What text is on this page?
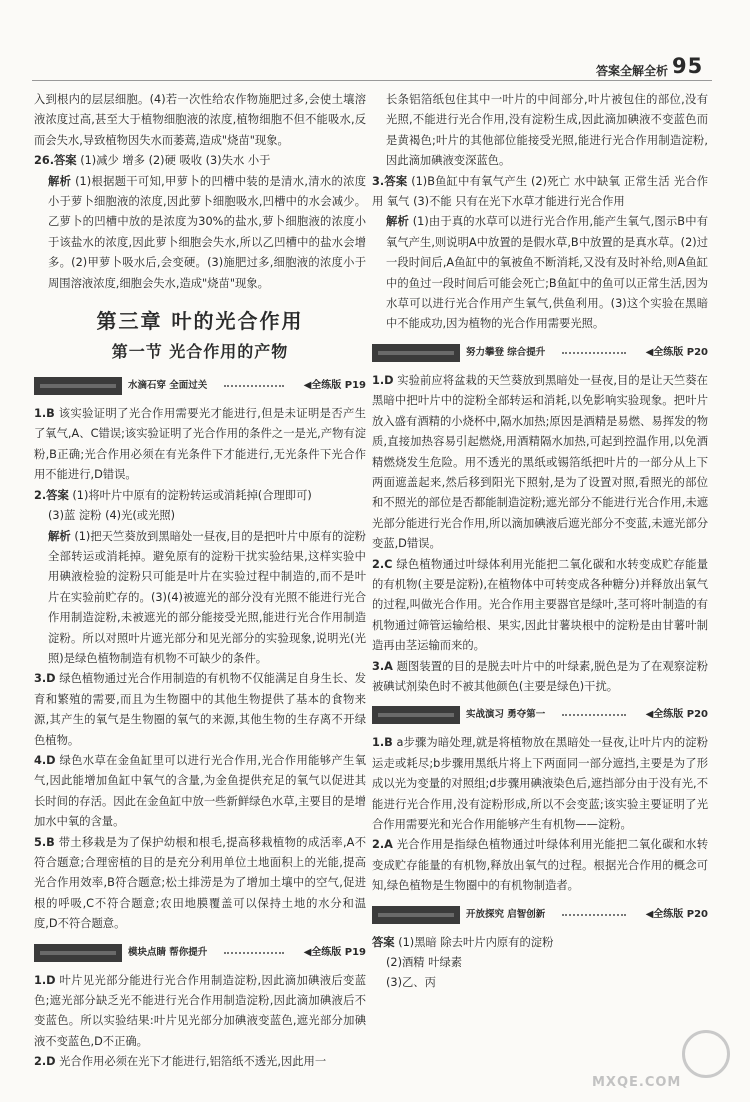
答案全解全析 95

入到根内的层层细胞。(4)若一次性给农作物施肥过多,会使土壤溶液浓度过高,甚至大于植物细胞液的浓度,植物细胞不但不能吸水,反而会失水,导致植物因失水而萎蔫,造成"烧苗"现象。

26.答案 (1)减少 增多 (2)硬 吸收 (3)失水 小于

解析 (1)根据题干可知,甲萝卜的凹槽中装的是清水,清水的浓度小于萝卜细胞液的浓度,因此萝卜细胞吸水,凹槽中的水会减少。乙萝卜的凹槽中放的是浓度为30%的盐水,萝卜细胞液的浓度小于该盐水的浓度,因此萝卜细胞会失水,所以乙凹槽中的盐水会增多。(2)甲萝卜吸水后,会变硬。(3)施肥过多,细胞液的浓度小于周围溶液浓度,细胞会失水,造成"烧苗"现象。

第三章 叶的光合作用
第一节 光合作用的产物
水滴石穿 全面过关	◀全练版 P19

1.B 该实验证明了光合作用需要光才能进行,但是未证明是否产生了氧气,A、C错误;该实验证明了光合作用的条件之一是光,产物有淀粉,B正确;光合作用必须在有光条件下才能进行,无光条件下光合作用不能进行,D错误。

2.答案 (1)将叶片中原有的淀粉转运或消耗掉(合理即可)

(3)蓝 淀粉 (4)光(或光照)

解析 (1)把天竺葵放到黑暗处一昼夜,目的是把叶片中原有的淀粉全部转运或消耗掉。避免原有的淀粉干扰实验结果,这样实验中用碘液检验的淀粉只可能是叶片在实验过程中制造的,而不是叶片在实验前贮存的。(3)(4)被遮光的部分没有光照不能进行光合作用制造淀粉,未被遮光的部分能接受光照,能进行光合作用制造淀粉。所以对照叶片遮光部分和见光部分的实验现象,说明光(光照)是绿色植物制造有机物不可缺少的条件。

3.D 绿色植物通过光合作用制造的有机物不仅能满足自身生长、发育和繁殖的需要,而且为生物圈中的其他生物提供了基本的食物来源,其产生的氧气是生物圈的氧气的来源,其他生物的生存离不开绿色植物。

4.D 绿色水草在金鱼缸里可以进行光合作用,光合作用能够产生氧气,因此能增加鱼缸中氧气的含量,为金鱼提供充足的氧气以促进其长时间的存活。因此在金鱼缸中放一些新鲜绿色水草,主要目的是增加水中氧的含量。

5.B 带土移栽是为了保护幼根和根毛,提高移栽植物的成活率,A不符合题意;合理密植的目的是充分利用单位土地面积上的光能,提高光合作用效率,B符合题意;松土排涝是为了增加土壤中的空气,促进根的呼吸,C不符合题意;农田地膜覆盖可以保持土地的水分和温度,D不符合题意。

模块点睛 帮你提升	◀全练版 P19

1.D 叶片见光部分能进行光合作用制造淀粉,因此滴加碘液后变蓝色;遮光部分缺乏光不能进行光合作用制造淀粉,因此滴加碘液后不变蓝色。所以实验结果:叶片见光部分加碘液变蓝色,遮光部分加碘液不变蓝色,D不正确。

2.D 光合作用必须在光下才能进行,铝箔纸不透光,因此用一

长条铝箔纸包住其中一叶片的中间部分,叶片被包住的部位,没有光照,不能进行光合作用,没有淀粉生成,因此滴加碘液不变蓝色而是黄褐色;叶片的其他部位能接受光照,能进行光合作用制造淀粉,因此滴加碘液变深蓝色。

3.答案 (1)B鱼缸中有氧气产生 (2)死亡 水中缺氧 正常生活 光合作用 氧气 (3)不能 只有在光下水草才能进行光合作用

解析 (1)由于真的水草可以进行光合作用,能产生氧气,图示B中有氧气产生,则说明A中放置的是假水草,B中放置的是真水草。(2)过一段时间后,A鱼缸中的氧被鱼不断消耗,又没有及时补给,则A鱼缸中的鱼过一段时间后可能会死亡;B鱼缸中的鱼可以正常生活,因为水草可以进行光合作用产生氧气,供鱼利用。(3)这个实验在黑暗中不能成功,因为植物的光合作用需要光照。

努力攀登 综合提升	◀全练版 P20

1.D 实验前应将盆栽的天竺葵放到黑暗处一昼夜,目的是让天竺葵在黑暗中把叶片中的淀粉全部转运和消耗,以免影响实验现象。把叶片放入盛有酒精的小烧杯中,隔水加热;原因是酒精是易燃、易挥发的物质,直接加热容易引起燃烧,用酒精隔水加热,可起到控温作用,以免酒精燃烧发生危险。用不透光的黑纸或锡箔纸把叶片的一部分从上下两面遮盖起来,然后移到阳光下照射,是为了设置对照,看照光的部位和不照光的部位是否都能制造淀粉;遮光部分不能进行光合作用,未遮光部分能进行光合作用,所以滴加碘液后遮光部分不变蓝,未遮光部分变蓝,D错误。

2.C 绿色植物通过叶绿体利用光能把二氧化碳和水转变成贮存能量的有机物(主要是淀粉),在植物体中可转变成各种糖分)并释放出氧气的过程,叫做光合作用。光合作用主要器官是绿叶,茎可将叶制造的有机物通过筛管运输给根、果实,因此甘薯块根中的淀粉是由甘薯叶制造再由茎运输而来的。

3.A 题图装置的目的是脱去叶片中的叶绿素,脱色是为了在观察淀粉被碘试剂染色时不被其他颜色(主要是绿色)干扰。

实战演习 勇夺第一	◀全练版 P20

1.B a步骤为暗处理,就是将植物放在黑暗处一昼夜,让叶片内的淀粉运走或耗尽;b步骤用黑纸片将上下两面同一部分遮挡,主要是为了形成以光为变量的对照组;d步骤用碘液染色后,遮挡部分由于没有光,不能进行光合作用,没有淀粉形成,所以不会变蓝;该实验主要证明了光合作用需要光和光合作用能够产生有机物——淀粉。

2.A 光合作用是指绿色植物通过叶绿体利用光能把二氧化碳和水转变成贮存能量的有机物,释放出氧气的过程。根据光合作用的概念可知,绿色植物是生物圈中的有机物制造者。

开放探究 启智创新	◀全练版 P20

答案 (1)黑暗 除去叶片内原有的淀粉

(2)酒精 叶绿素

(3)乙、丙

MXQE.COM
